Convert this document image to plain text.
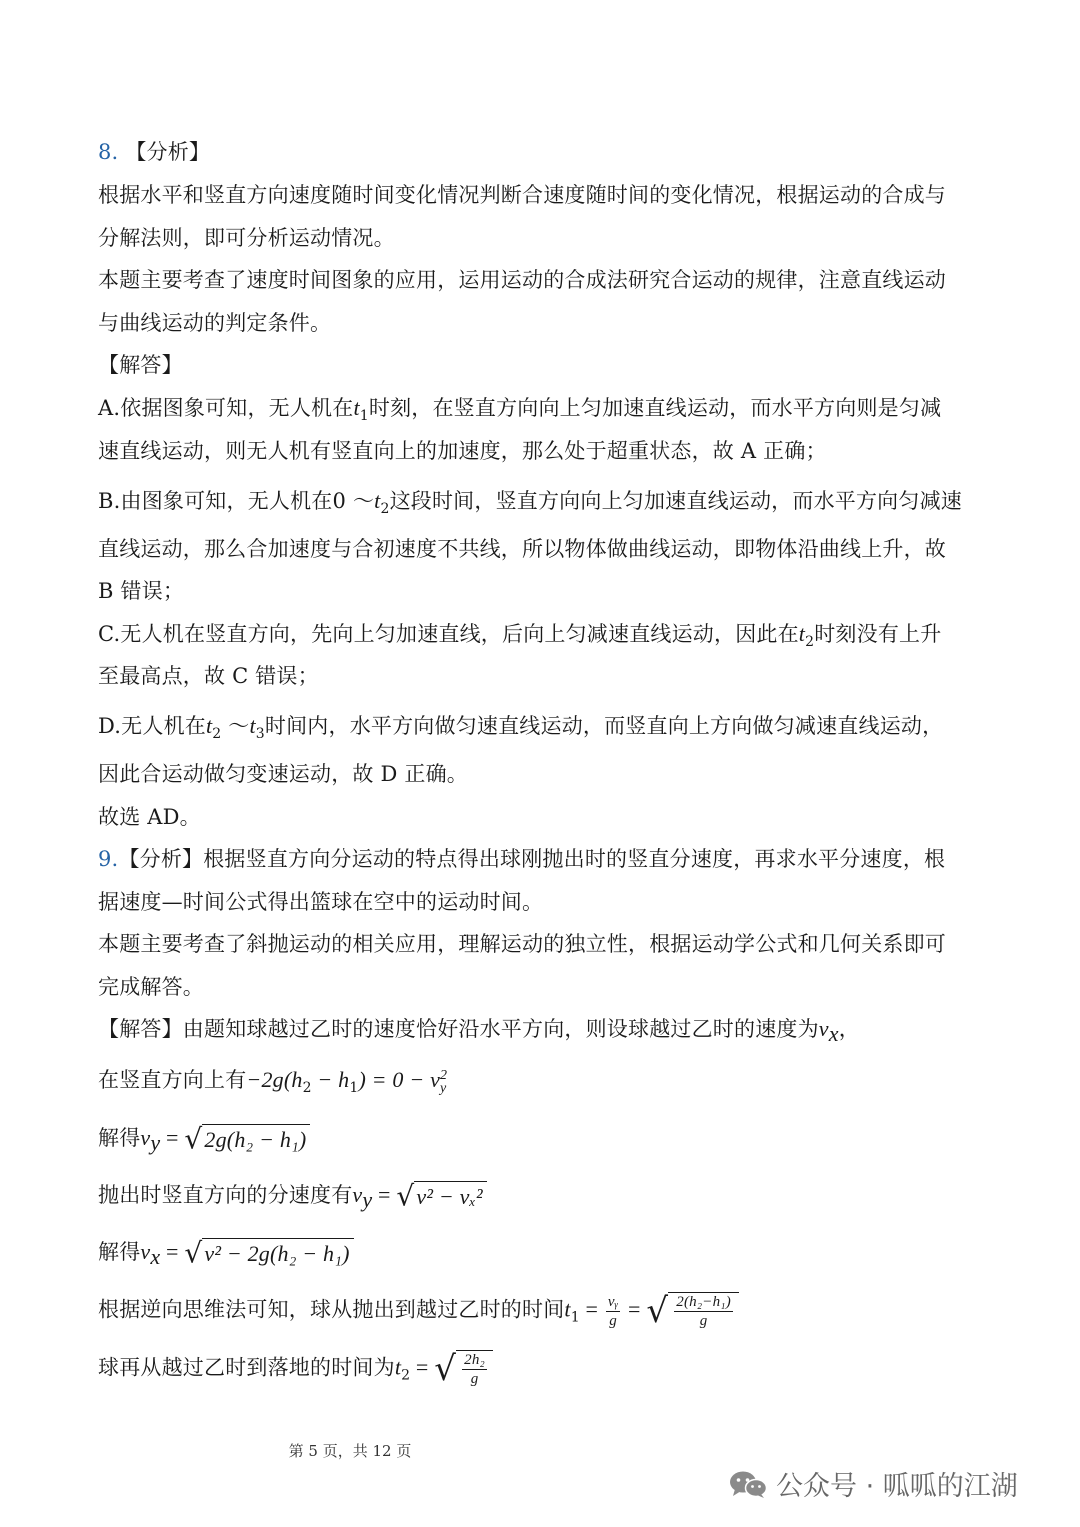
8. 【分析】
根据水平和竖直方向速度随时间变化情况判断合速度随时间的变化情况，根据运动的合成与
分解法则，即可分析运动情况。
本题主要考查了速度时间图象的应用，运用运动的合成法研究合运动的规律，注意直线运动
与曲线运动的判定条件。
【解答】
A.依据图象可知，无人机在$t_1$时刻，在竖直方向向上匀加速直线运动，而水平方向则是匀减
速直线运动，则无人机有竖直向上的加速度，那么处于超重状态，故 A 正确；
B.由图象可知，无人机在0 $\sim t_2$这段时间，竖直方向向上匀加速直线运动，而水平方向匀减速
直线运动，那么合加速度与合初速度不共线，所以物体做曲线运动，即物体沿曲线上升，故
B 错误；
C.无人机在竖直方向，先向上匀加速直线，后向上匀减速直线运动，因此在$t_2$时刻没有上升
至最高点，故 C 错误；
D.无人机在$t_2$ $\sim t_3$时间内，水平方向做匀速直线运动，而竖直向上方向做匀减速直线运动，
因此合运动做匀变速运动，故 D 正确。
故选 AD。
9.【分析】根据竖直方向分运动的特点得出球刚抛出时的竖直分速度，再求水平分速度，根
据速度—时间公式得出篮球在空中的运动时间。
本题主要考查了斜抛运动的相关应用，理解运动的独立性，根据运动学公式和几何关系即可
完成解答。
【解答】由题知球越过乙时的速度恰好沿水平方向，则设球越过乙时的速度为$v_x$，
在竖直方向上有$-2g(h_2 - h_1) = 0 - v$ 2
y
解得$v_y = √2g(h_2 - h_1)$
抛出时竖直方向的分速度有$v_y = √v^2 - v_x^2$
解得$v_x = √v^2 - 2g(h_2 - h_1)$
根据逆向思维法可知，球从抛出到越过乙时的时间$t_1 = \frac{\text{vᵧ}}{g}$ = √ $\frac{\text{2(h₂−h₁)}}{g}$
球再从越过乙时到落地的时间为$t_2$ = √ $\frac{\text{2h₂}}{g}$
第 5 页，共 12 页
公众号 · 呱呱的江湖
